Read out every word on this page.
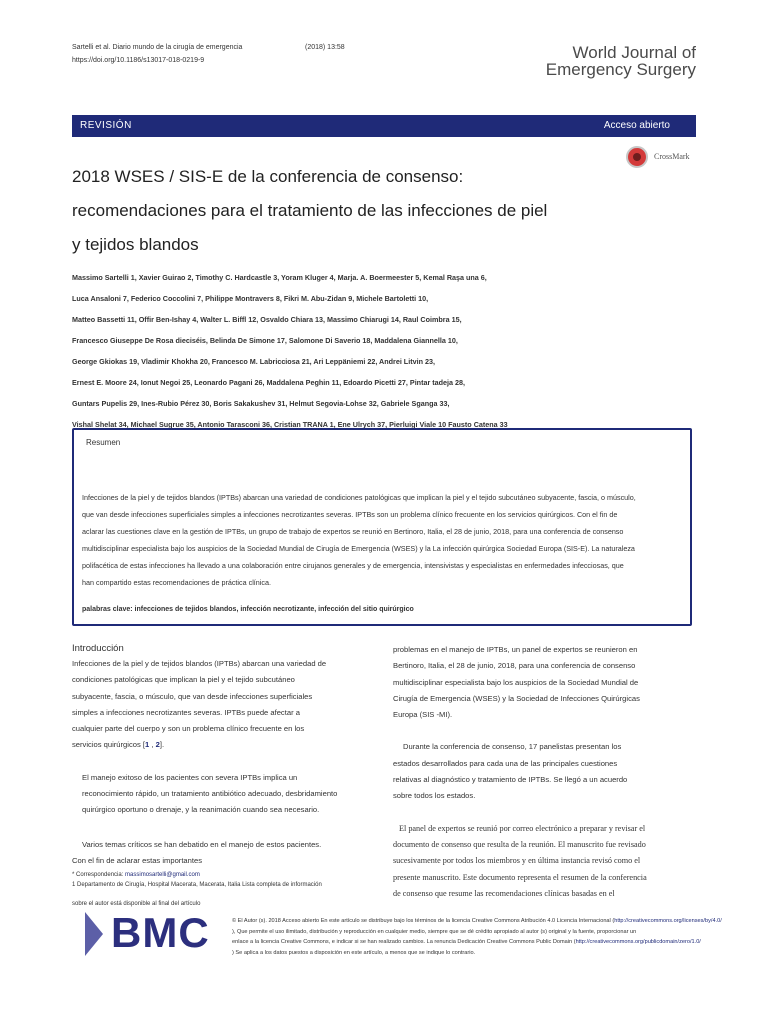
Sartelli et al. Diario mundo de la cirugía de emergencia	(2018) 13:58
https://doi.org/10.1186/s13017-018-0219-9	World Journal of
Emergency Surgery
REVISIÓN	Acceso abierto
2018 WSES / SIS-E de la conferencia de consenso:
recomendaciones para el tratamiento de las infecciones de piel
y tejidos blandos
CrossMark
Massimo Sartelli 1, Xavier Guirao 2, Timothy C. Hardcastle 3, Yoram Kluger 4, Marja. A. Boermeester 5, Kemal Raşa una 6,
Luca Ansaloni 7, Federico Coccolini 7, Philippe Montravers 8, Fikri M. Abu-Zidan 9, Michele Bartoletti 10,
Matteo Bassetti 11, Offir Ben-Ishay 4, Walter L. Biffl 12, Osvaldo Chiara 13, Massimo Chiarugi 14, Raul Coimbra 15,
Francesco Giuseppe De Rosa dieciséis, Belinda De Simone 17, Salomone Di Saverio 18, Maddalena Giannella 10,
George Gkiokas 19, Vladimir Khokha 20, Francesco M. Labricciosa 21, Ari Leppäniemi 22, Andrei Litvin 23,
Ernest E. Moore 24, Ionut Negoi 25, Leonardo Pagani 26, Maddalena Peghin 11, Edoardo Picetti 27, Pintar tadeja 28,
Guntars Pupelis 29, Ines-Rubio Pérez 30, Boris Sakakushev 31, Helmut Segovia-Lohse 32, Gabriele Sganga 33,
Vishal Shelat 34, Michael Sugrue 35, Antonio Tarasconi 36, Cristian TRANA 1, Ene Ulrych 37, Pierluigi Viale 10 Fausto Catena 33
Resumen
Infecciones de la piel y de tejidos blandos (IPTBs) abarcan una variedad de condiciones patológicas que implican la piel y el tejido subcutáneo subyacente, fascia, o músculo,
que van desde infecciones superficiales simples a infecciones necrotizantes severas. IPTBs son un problema clínico frecuente en los servicios quirúrgicos. Con el fin de
aclarar las cuestiones clave en la gestión de IPTBs, un grupo de trabajo de expertos se reunió en Bertinoro, Italia, el 28 de junio, 2018, para una conferencia de consenso
multidisciplinar especialista bajo los auspicios de la Sociedad Mundial de Cirugía de Emergencia (WSES) y la La infección quirúrgica Sociedad Europa (SIS-E). La naturaleza
polifacética de estas infecciones ha llevado a una colaboración entre cirujanos generales y de emergencia, intensivistas y especialistas en enfermedades infecciosas, que
han compartido estas recomendaciones de práctica clínica.
palabras clave: infecciones de tejidos blandos, infección necrotizante, infección del sitio quirúrgico
Introducción

Infecciones de la piel y de tejidos blandos (IPTBs) abarcan una variedad de
condiciones patológicas que implican la piel y el tejido subcutáneo
subyacente, fascia, o músculo, que van desde infecciones superficiales
simples a infecciones necrotizantes severas. IPTBs puede afectar a
cualquier parte del cuerpo y son un problema clínico frecuente en los
servicios quirúrgicos [1 , 2].

El manejo exitoso de los pacientes con severa IPTBs implica un
reconocimiento rápido, un tratamiento antibiótico adecuado, desbridamiento
quirúrgico oportuno o drenaje, y la reanimación cuando sea necesario.

Varios temas críticos se han debatido en el manejo de estos pacientes.
Con el fin de aclarar estas importantes

problemas en el manejo de IPTBs, un panel de expertos se reunieron en
Bertinoro, Italia, el 28 de junio, 2018, para una conferencia de consenso
multidisciplinar especialista bajo los auspicios de la Sociedad Mundial de
Cirugía de Emergencia (WSES) y la Sociedad de Infecciones Quirúrgicas
Europa (SIS -MI).

Durante la conferencia de consenso, 17 panelistas presentan los
estados desarrollados para cada una de las principales cuestiones
relativas al diagnóstico y tratamiento de IPTBs. Se llegó a un acuerdo
sobre todos los estados.

El panel de expertos se reunió por correo electrónico a preparar y revisar el
documento de consenso que resulta de la reunión. El manuscrito fue revisado
sucesivamente por todos los miembros y en última instancia revisó como el
presente manuscrito. Este documento representa el resumen de la conferencia
de consenso que resume las recomendaciones clínicas basadas en el

* Correspondencia: massimosartelli@gmail.com
1 Departamento de Cirugía, Hospital Macerata, Macerata, Italia Lista completa de información
sobre el autor está disponible al final del artículo
BMC	© El Autor (s). 2018 Acceso abierto En este artículo se distribuye bajo los términos de la licencia Creative Commons Atribución 4.0 Licencia Internacional (http://creativecommons.org/licenses/by/4.0/
), Que permite el uso ilimitado, distribución y reproducción en cualquier medio, siempre que se dé crédito apropiado al autor (s) original y la fuente, proporcionar un
enlace a la licencia Creative Commons, e indicar si se han realizado cambios. La renuncia Dedicación Creative Commons Public Domain (http://creativecommons.org/publicdomain/zero/1.0/
) Se aplica a los datos puestos a disposición en este artículo, a menos que se indique lo contrario.
